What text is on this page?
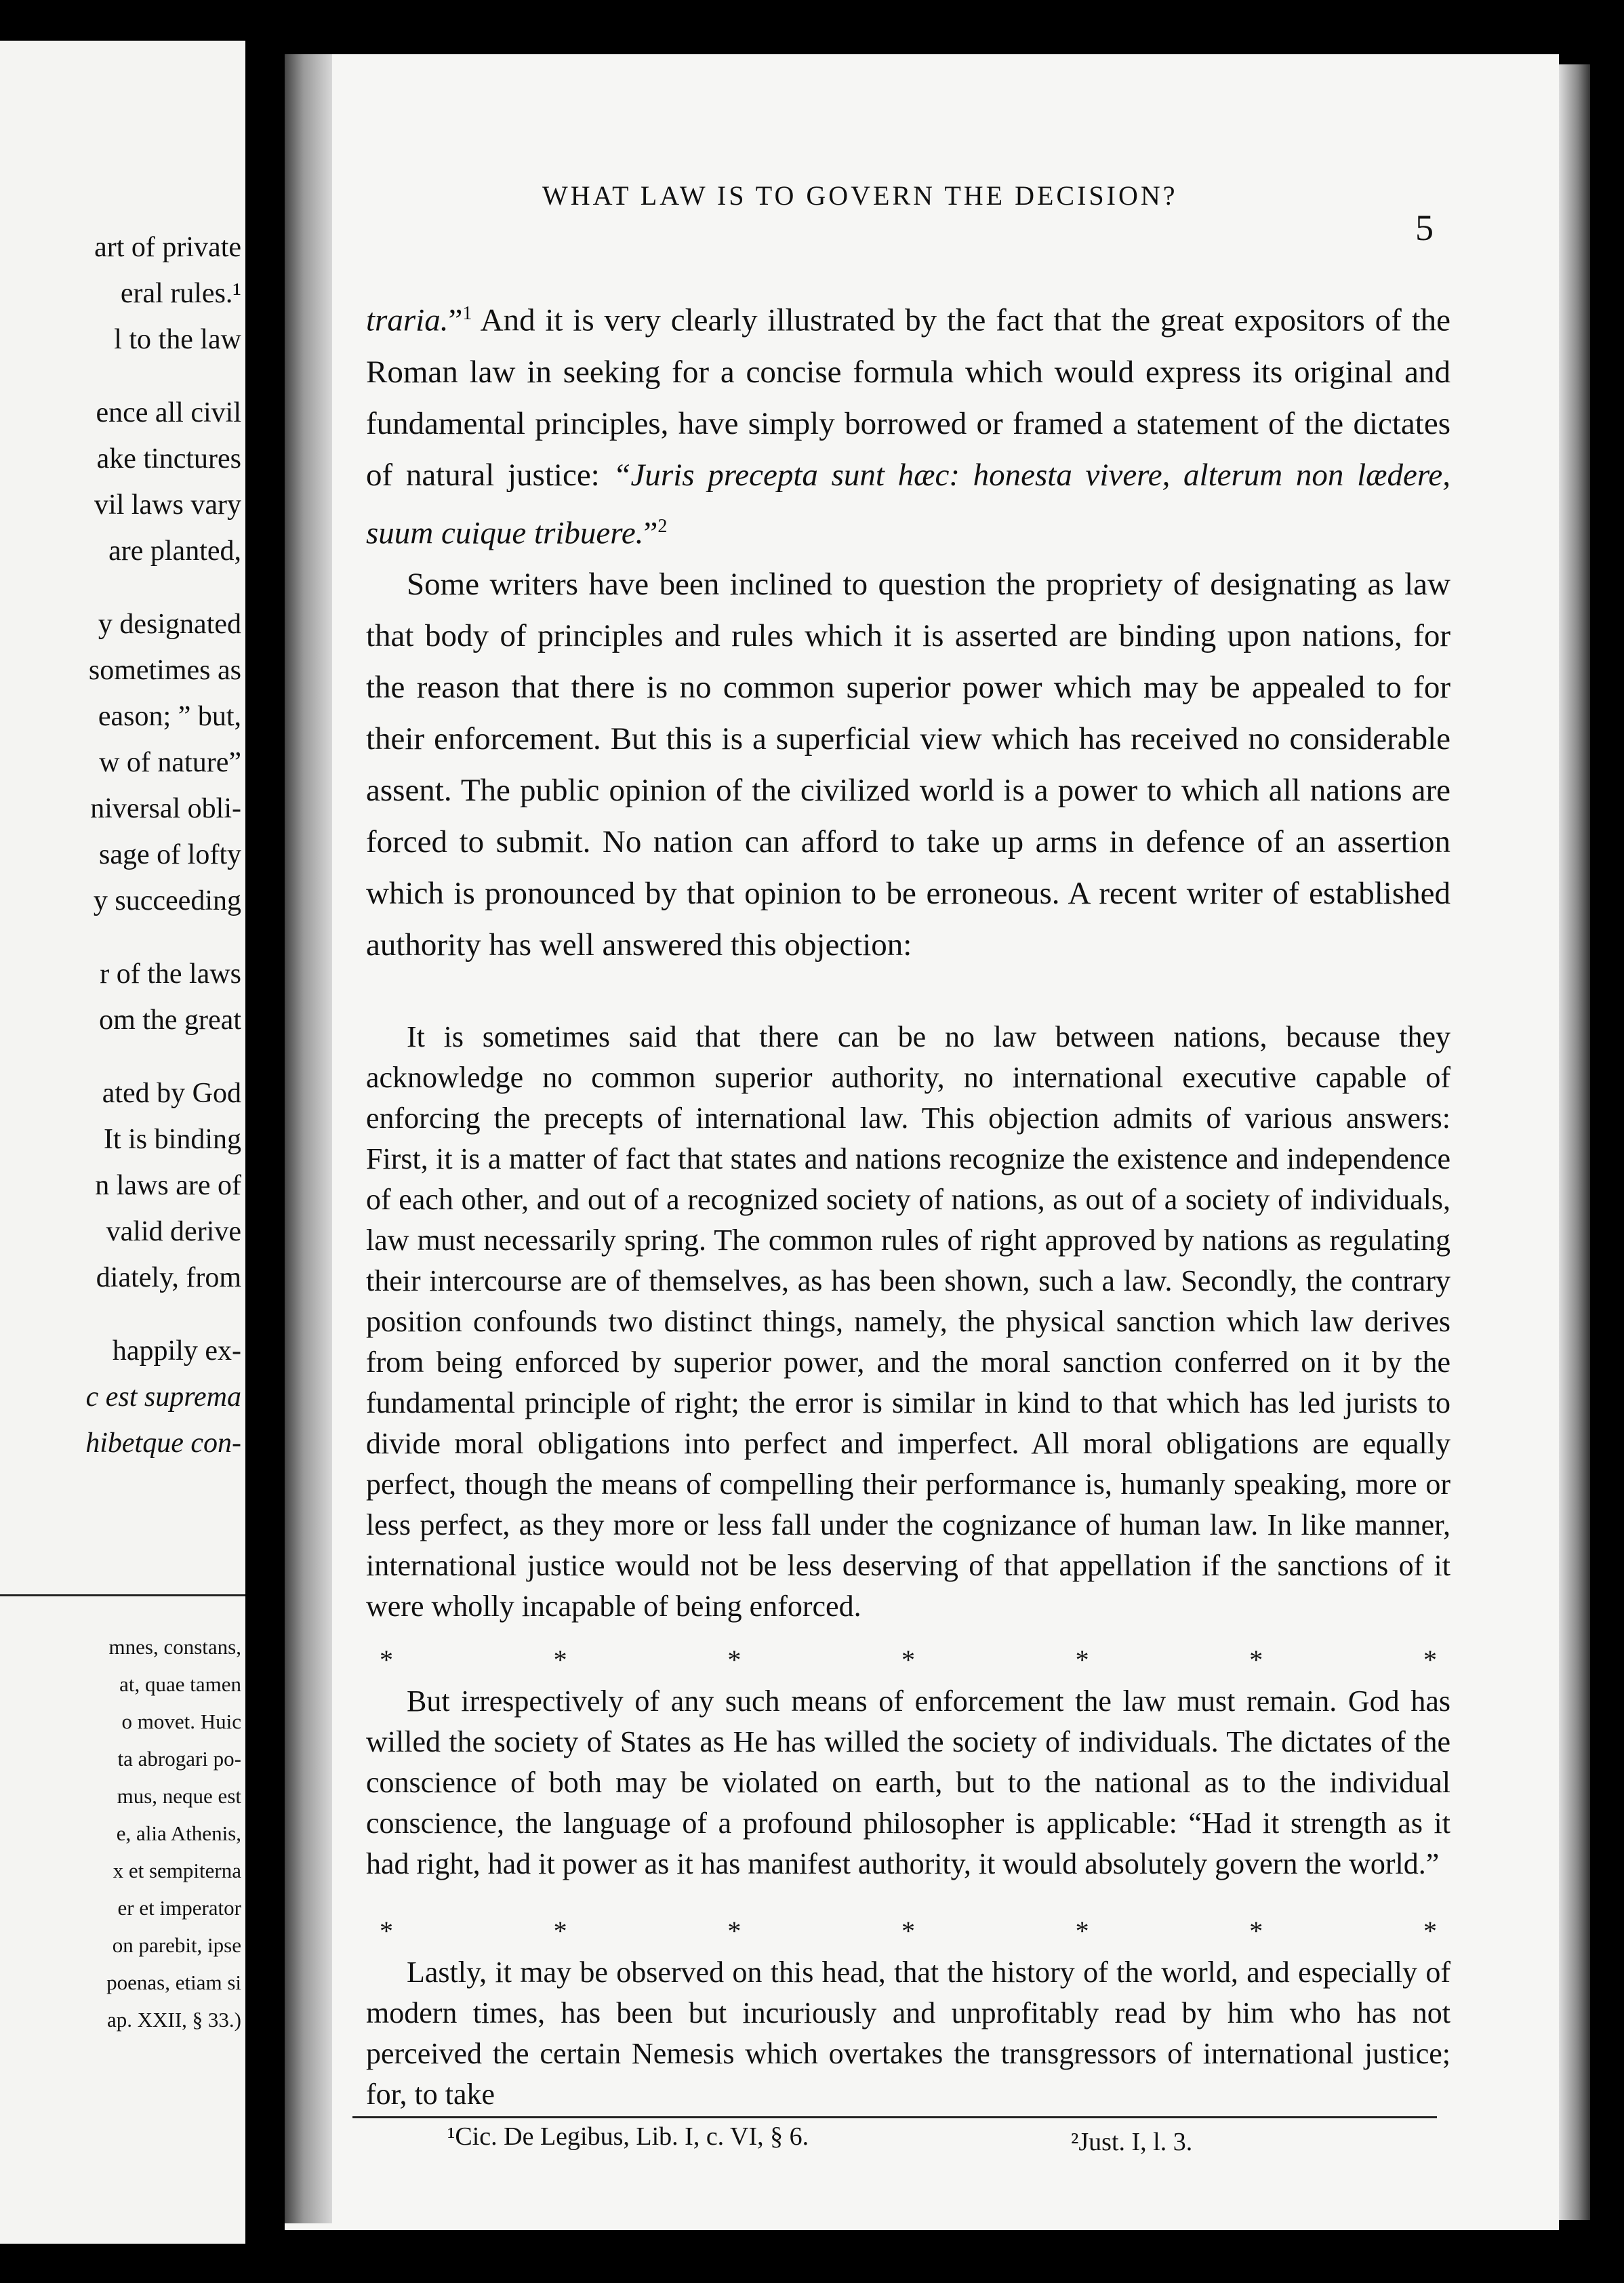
art of private
eral rules.¹
l to the law
ence all civil
ake tinctures
vil laws vary
are planted,
y designated
sometimes as
eason; ” but,
w of nature”
niversal obli-
sage of lofty
y succeeding
r of the laws
om the great
ated by God
It is binding
n laws are of
valid derive
diately, from
happily ex-
c est suprema
hibetque con-
mnes, constans,
at, quae tamen
o movet. Huic
ta abrogari po-
mus, neque est
e, alia Athenis,
x et sempiterna
er et imperator
on parebit, ipse
poenas, etiam si
ap. XXII, § 33.)
WHAT LAW IS TO GOVERN THE DECISION?
5

traria.”$^1$ And it is very clearly illustrated by the fact that the great expositors of the Roman law in seeking for a concise formula which would express its original and fundamental principles, have simply borrowed or framed a statement of the dictates of natural justice: “Juris precepta sunt hæc: honesta vivere, alterum non lædere, suum cuique tribuere.”$^2$

Some writers have been inclined to question the propriety of designating as law that body of principles and rules which it is asserted are binding upon nations, for the reason that there is no common superior power which may be appealed to for their enforcement. But this is a superficial view which has received no considerable assent. The public opinion of the civilized world is a power to which all nations are forced to submit. No nation can afford to take up arms in defence of an assertion which is pronounced by that opinion to be erroneous. A recent writer of established authority has well answered this objection:

It is sometimes said that there can be no law between nations, because they acknowledge no common superior authority, no international executive capable of enforcing the precepts of international law. This objection admits of various answers: First, it is a matter of fact that states and nations recognize the existence and independence of each other, and out of a recognized society of nations, as out of a society of individuals, law must necessarily spring. The common rules of right approved by nations as regulating their intercourse are of themselves, as has been shown, such a law. Secondly, the contrary position confounds two distinct things, namely, the physical sanction which law derives from being enforced by superior power, and the moral sanction conferred on it by the fundamental principle of right; the error is similar in kind to that which has led jurists to divide moral obligations into perfect and imperfect. All moral obligations are equally perfect, though the means of compelling their performance is, humanly speaking, more or less perfect, as they more or less fall under the cognizance of human law. In like manner, international justice would not be less deserving of that appellation if the sanctions of it were wholly incapable of being enforced.

*	*	*	*	*	*	*

But irrespectively of any such means of enforcement the law must remain. God has willed the society of States as He has willed the society of individuals. The dictates of the conscience of both may be violated on earth, but to the national as to the individual conscience, the language of a profound philosopher is applicable: “Had it strength as it had right, had it power as it has manifest authority, it would absolutely govern the world.”

*	*	*	*	*	*	*

Lastly, it may be observed on this head, that the history of the world, and especially of modern times, has been but incuriously and unprofitably read by him who has not perceived the certain Nemesis which overtakes the transgressors of international justice; for, to take

¹Cic. De Legibus, Lib. I, c. VI, § 6.	²Just. I, l. 3.
